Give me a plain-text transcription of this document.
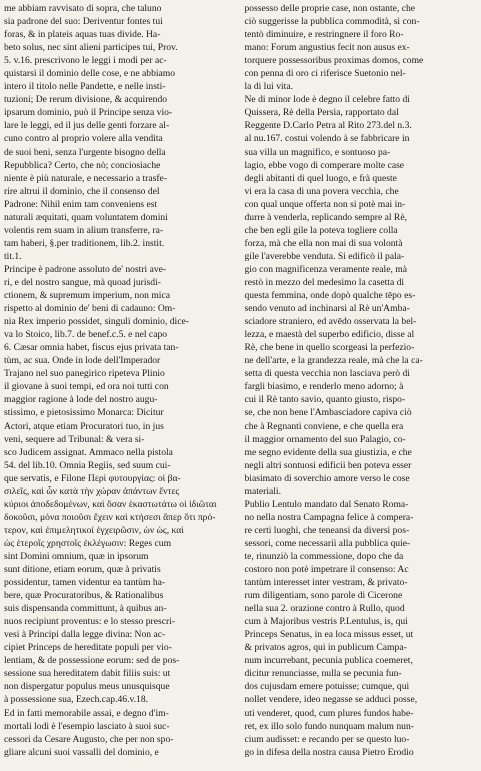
me abbiam ravvisato di sopra, che taluno

sia padrone del suo: Deriventur fontes tui

foras, & in plateis aquas tuas divide. Ha-

beto solus, nec sint alieni participes tui, Prov.

5. v.16. prescrivono le leggi i modi per ac-

quistarsi il dominio delle cose, e ne abbiamo

intero il titolo nelle Pandette, e nelle insti-

tuzioni; De rerum divisione, & acquirendo

ipsarum dominio, può il Principe senza vio-

lare le leggi, ed il jus delle genti forzare al-

cuno contro al proprio volere alla vendita

de suoi beni, senza l'urgente bisogno della

Repubblica? Certo, che nò; conciosiache

niente è più naturale, e necessario a trasfe-

rire altrui il dominio, che il consenso del

Padrone: Nihil enim tam conveniens est

naturali æquitati, quam voluntatem domini

volentis rem suam in alium transferre, ra-

tam haberi, §.per traditionem, lib.2. instit.

tit.1.

Principe è padrone assoluto de' nostri ave-

ri, e del nostro sangue, mà quoad jurisdi-

ctionem, & supremum imperium, non mica

rispetto al dominio de' beni di cadauno: Om-

nia Rex imperio possidet, singuli dominio, dice-

va lo Stoico, lib.7. de benef.c.5. e nel capo

6. Cæsar omnia habet, fiscus ejus privata tan-

tùm, ac sua. Onde in lode dell'Imperador

Trajano nel suo panegirico ripeteva Plinio

il giovane à suoi tempi, ed ora noi tutti con

maggior ragione à lode del nostro augu-

stissimo, e pietosissimo Monarca: Dicitur

Actori, atque etiam Procuratori tuo, in jus

veni, sequere ad Tribunal: & vera si-

sco Judicem assignat. Ammaco nella pistola

54. del lib.10. Omnia Regiis, sed suum cui-

que servatis, e Filone Περὶ φυτουργίας: οἱ βα-

σιλεῖς, καὶ ὧν κατὰ τὴν χώραν ἁπάντων ἔντες

κύριοι ἀποδεδομένων, καὶ ὅσαν ἑκαστωτάτω οἱ ἰδιῶται

δοκοῦσι, μόνα ποιοῦσι ἔχειν καὶ κτήσεσι ἄπερ ὅτι πρό-

τερον, καὶ ἐπιμελητικοί ἐγχειρῶσιν, ὡν ὡς, καὶ

ὡς ἑτεροῖς χρηστοῖς ἐκλέγωσιν: Reges cum

sint Domini omnium, quæ in ipsorum

sunt ditione, etiam eorum, quæ à privatis

possidentur, tamen videntur ea tantùm ha-

bere, quæ Procuratoribus, & Rationalibus

suis dispensanda committunt, à quibus an-

nuos recipiunt proventus: e lo stesso prescri-

vesi à Principi dalla legge divina: Non ac-

cipiet Princeps de hereditate populi per vio-

lentiam, & de possessione eorum: sed de pos-

sessione sua hereditatem dabit filiis suis: ut

non dispergatur populus meus unusquisque

à possessione sua, Ezech.cap.46.v.18.

Ed in fatti memorabile assai, e degno d'im-

mortali lodi è l'esempio lasciato à suoi suc-

cessori da Cesare Augusto, che per non spo-

gliare alcuni suoi vassalli del dominio, e

possesso delle proprie case, non ostante, che

ciò suggerisse la pubblica commodità, si con-

tentò diminuire, e restringnere il foro Ro-

mano: Forum angustius fecit non ausus ex-

torquere possessoribus proximas domos, come

con penna di oro ci riferisce Suetonio nel-

la di lui vita.

Ne di minor lode è degno il celebre fatto di

Quissera, Rè della Persia, rapportato dal

Reggente D.Carlo Petra al Rito 273.del n.3.

al nu.167. costui volendo à se fabbricare in

sua villa un magnifico, e sontuoso pa-

lagio, ebbe vogo di comperare molte case

degli abitanti di quel luogo, e frà queste

vi era la casa di una povera vecchia, che

con qual unque offerta non si potè mai in-

durre à venderla, replicando sempre al Rè,

che ben egli gile la poteva togliere colla

forza, mà che ella non mai di sua volontà

gile l'averebbe venduta. Si edificò il pala-

gio con magnificenza veramente reale, mà

restò in mezzo del medesimo la casetta di

questa femmina, onde dopò qualche tēpo es-

sendo venuto ad inchinarsi al Rè un'Amba-

sciadore straniero, ed avēdo osservata la bel-

lezza, e maestà del superbo edificio, disse al

Rè, che bene in quello scorgeasi la perfezio-

ne dell'arte, e la grandezza reale, mà che la ca-

setta di questa vecchia non lasciava però di

fargli biasimo, e renderlo meno adorno; à

cui il Rè tanto savio, quanto giusto, rispo-

se, che non bene l'Ambasciadore capiva ciò

che à Regnanti conviene, e che quella era

il maggior ornamento del suo Palagio, co-

me segno evidente della sua giustizia, e che

negli altri sontuosi edificii ben poteva esser

biasimato di soverchio amore verso le cose

materiali.

Publio Lentulo mandato dal Senato Roma-

no nella nostra Campagna felice à compera-

re certi luoghi, che teneansi da diversi pos-

sessori, come necessarii alla pubblica quie-

te, rinunziò la commessione, dopo che da

costoro non potè impetrare il consenso: Ac

tantùm interesset inter vestram, & privato-

rum diligentiam, sono parole di Cicerone

nella sua 2. orazione contro à Rullo, quod

cum à Majoribus vestris P.Lentulus, is, qui

Princeps Senatus, in ea loca missus esset, ut

& privatos agros, qui in publicum Campa-

num incurrebant, pecunia publica coemeret,

dicitur renunciasse, nulla se pecunia fun-

dos cujusdam emere potuisse; cumque, qui

nollet vendere, ideo negasse se adduci posse,

uti venderet, quod, cum plures fundos habe-

ret, ex illo solo fundo nunquam malum nun-

cium audisset: e recando per se questo luo-

go in difesa della nostra causa Pietro Erodio
